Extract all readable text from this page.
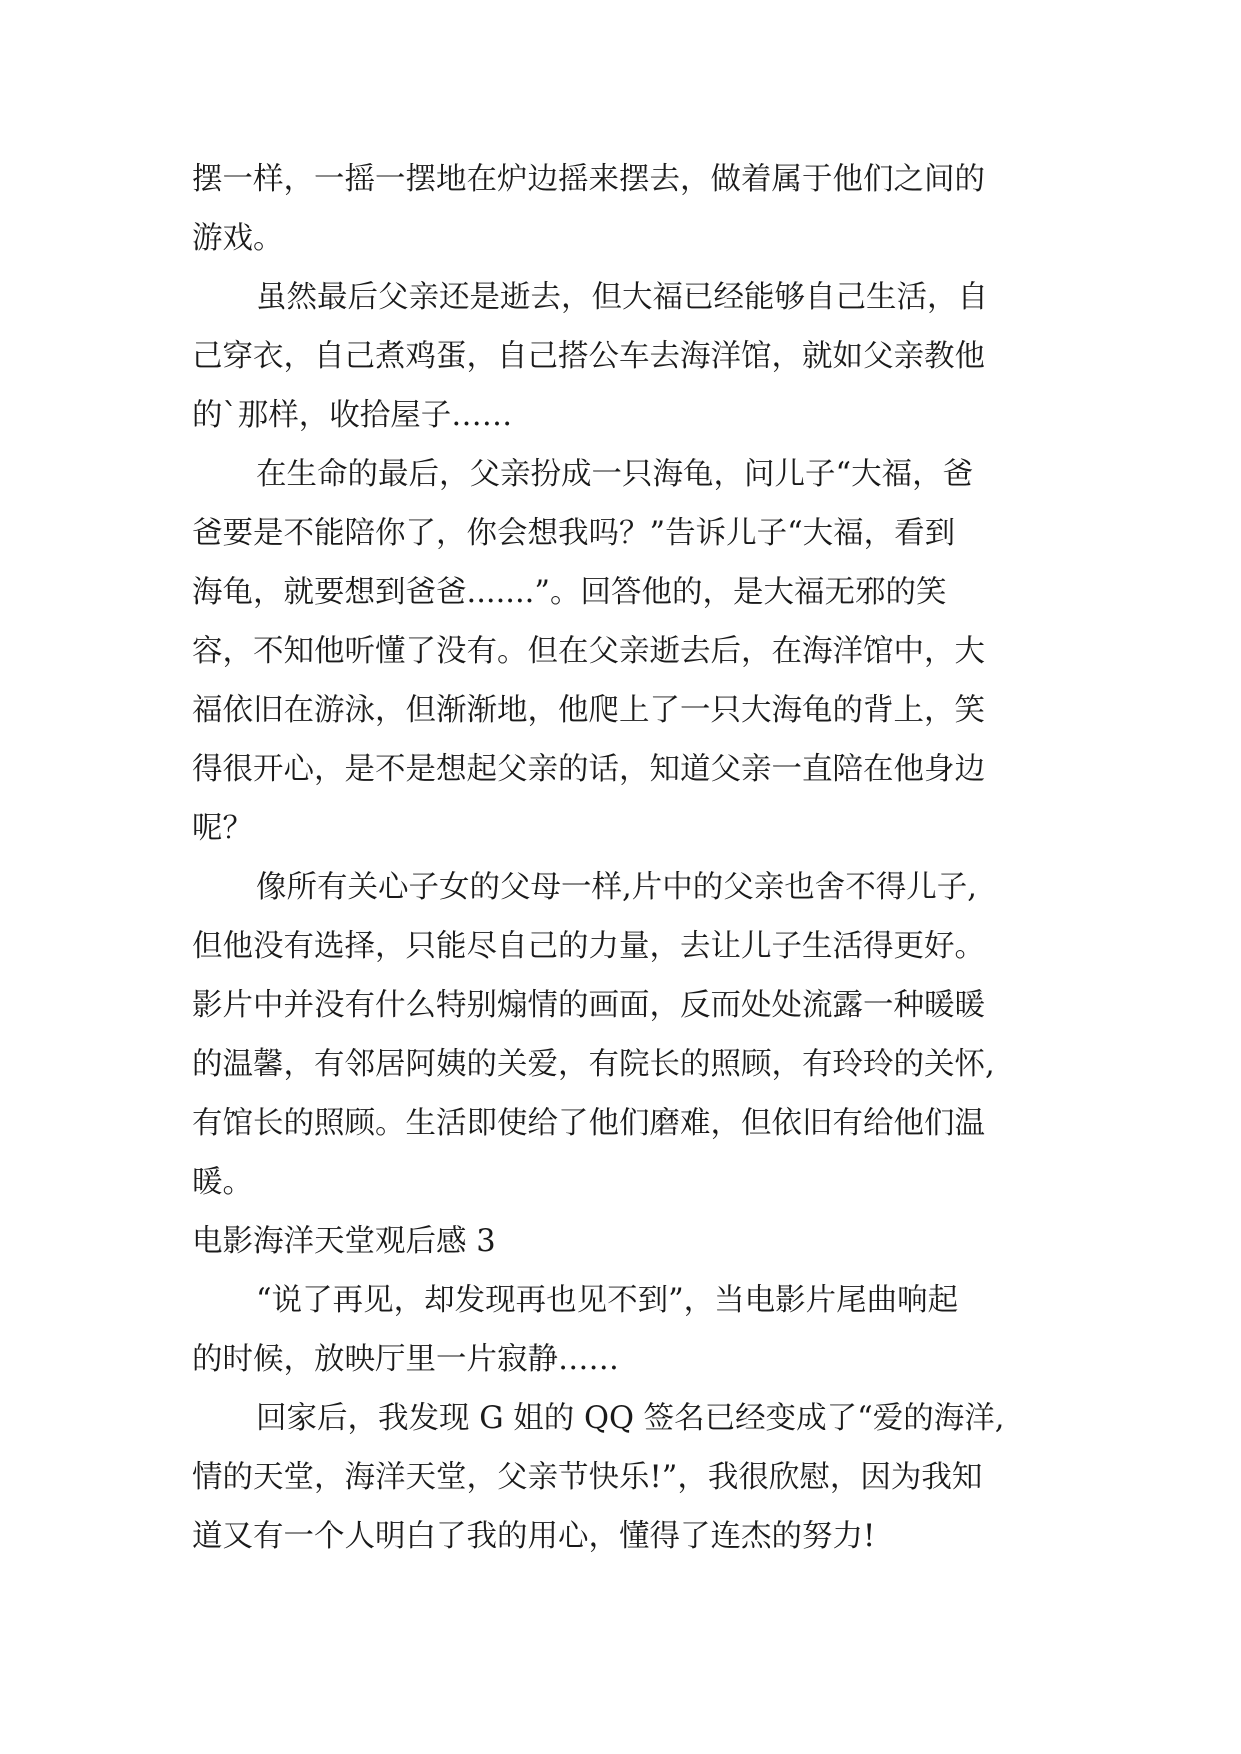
摆一样，一摇一摆地在炉边摇来摆去，做着属于他们之间的
游戏。
虽然最后父亲还是逝去，但大福已经能够自己生活，自
己穿衣，自己煮鸡蛋，自己搭公车去海洋馆，就如父亲教他
的`那样，收拾屋子……
在生命的最后，父亲扮成一只海龟，问儿子“大福，爸
爸要是不能陪你了，你会想我吗？”告诉儿子“大福，看到
海龟，就要想到爸爸.......”。回答他的，是大福无邪的笑
容，不知他听懂了没有。但在父亲逝去后，在海洋馆中，大
福依旧在游泳，但渐渐地，他爬上了一只大海龟的背上，笑
得很开心，是不是想起父亲的话，知道父亲一直陪在他身边
呢？
像所有关心子女的父母一样,片中的父亲也舍不得儿子,
但他没有选择，只能尽自己的力量，去让儿子生活得更好。
影片中并没有什么特别煽情的画面，反而处处流露一种暖暖
的温馨，有邻居阿姨的关爱，有院长的照顾，有玲玲的关怀,
有馆长的照顾。生活即使给了他们磨难，但依旧有给他们温
暖。
电影海洋天堂观后感 3
“说了再见，却发现再也见不到”，当电影片尾曲响起
的时候，放映厅里一片寂静……
回家后，我发现 G 姐的 QQ 签名已经变成了“爱的海洋,
情的天堂，海洋天堂，父亲节快乐!”，我很欣慰，因为我知
道又有一个人明白了我的用心，懂得了连杰的努力!
